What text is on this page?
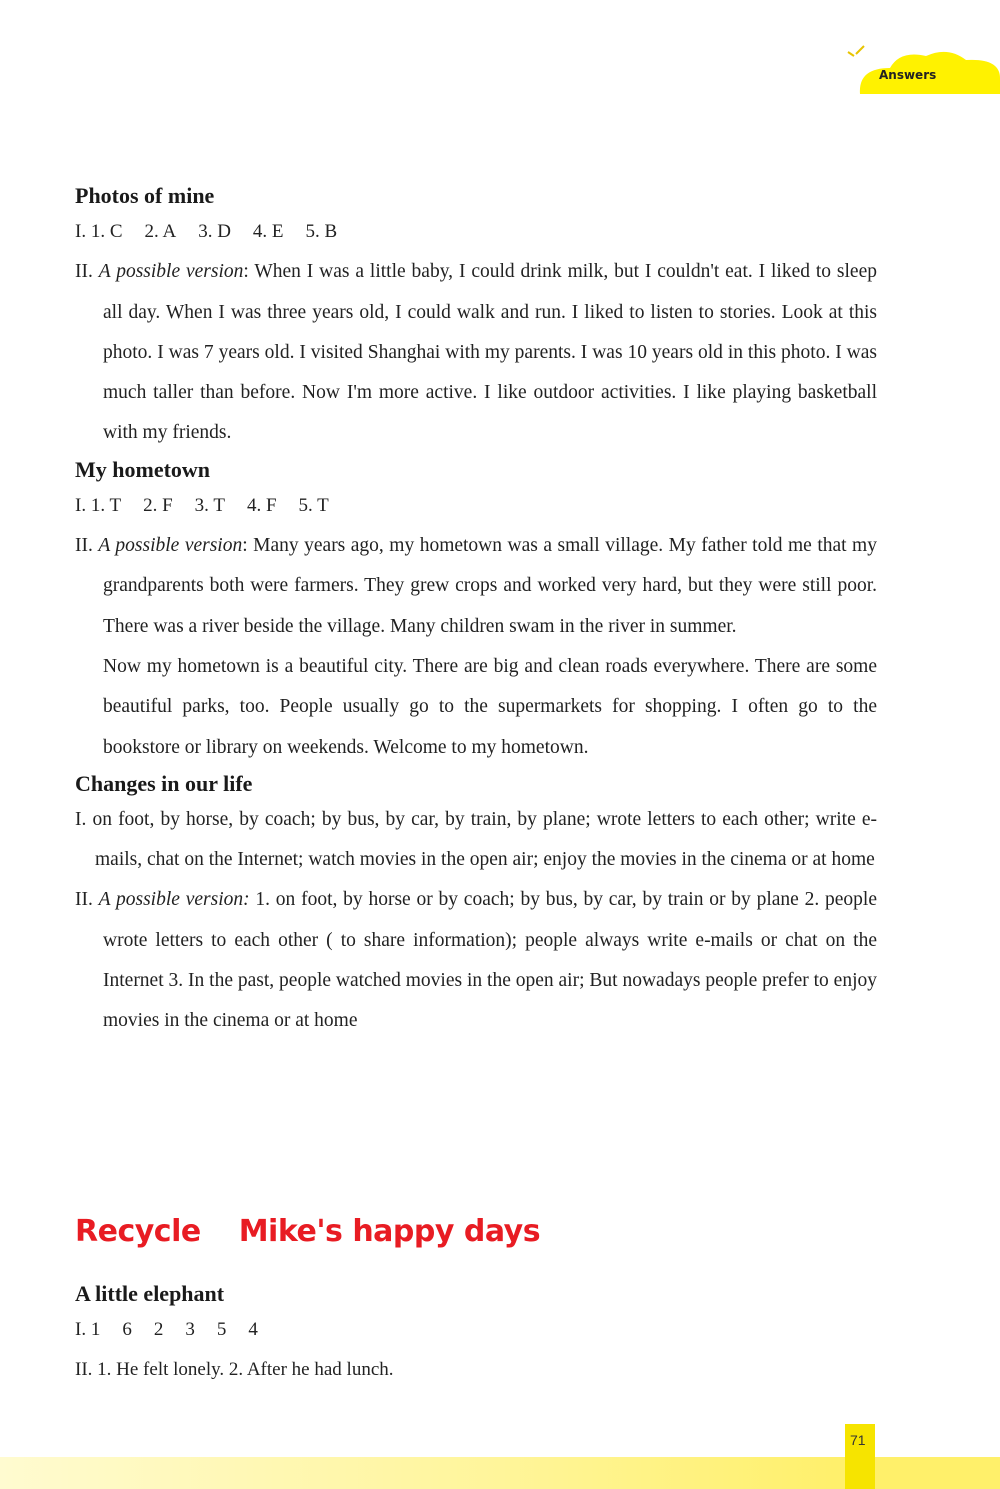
Answers
Photos of mine

I. 1. C 2. A 3. D 4. E 5. B

II. A possible version: When I was a little baby, I could drink milk, but I couldn't eat. I liked to sleep all day. When I was three years old, I could walk and run. I liked to listen to stories. Look at this photo. I was 7 years old. I visited Shanghai with my parents. I was 10 years old in this photo. I was much taller than before. Now I'm more active. I like outdoor activities. I like playing basketball with my friends.

My hometown

I. 1. T 2. F 3. T 4. F 5. T

II. A possible version: Many years ago, my hometown was a small village. My father told me that my grandparents both were farmers. They grew crops and worked very hard, but they were still poor. There was a river beside the village. Many children swam in the river in summer.

Now my hometown is a beautiful city. There are big and clean roads everywhere. There are some beautiful parks, too. People usually go to the supermarkets for shopping. I often go to the bookstore or library on weekends. Welcome to my hometown.

Changes in our life

I. on foot, by horse, by coach; by bus, by car, by train, by plane; wrote letters to each other; write e-mails, chat on the Internet; watch movies in the open air; enjoy the movies in the cinema or at home

II. A possible version: 1. on foot, by horse or by coach; by bus, by car, by train or by plane 2. people wrote letters to each other ( to share information); people always write e-mails or chat on the Internet 3. In the past, people watched movies in the open air; But nowadays people prefer to enjoy movies in the cinema or at home

Recycle Mike's happy days
A little elephant

I. 1 6 2 3 5 4

II. 1. He felt lonely. 2. After he had lunch.

71
